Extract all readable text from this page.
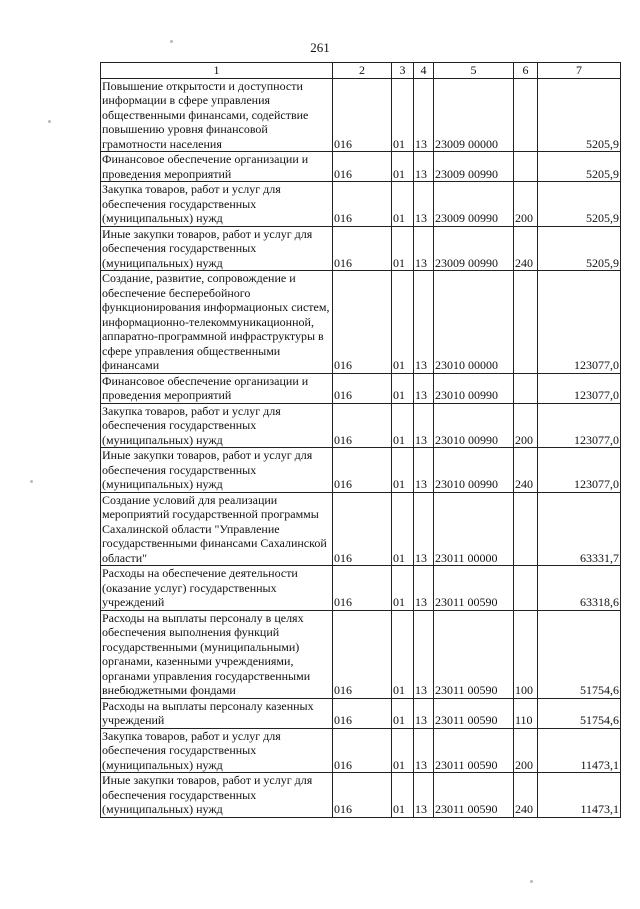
261
1	2	3	4	5	6	7
Повышение открытости и доступности информации в сфере управления общественными финансами, содействие повышению уровня финансовой грамотности населения	016	01	13	23009 00000		5205,9
Финансовое обеспечение организации и проведения мероприятий	016	01	13	23009 00990		5205,9
Закупка товаров, работ и услуг для обеспечения государственных (муниципальных) нужд	016	01	13	23009 00990	200	5205,9
Иные закупки товаров, работ и услуг для обеспечения государственных (муниципальных) нужд	016	01	13	23009 00990	240	5205,9
Создание, развитие, сопровождение и обеспечение бесперебойного функционирования информационых систем, информационно-телекоммуникационной, аппаратно-программной инфраструктуры в сфере управления общественными финансами	016	01	13	23010 00000		123077,0
Финансовое обеспечение организации и проведения мероприятий	016	01	13	23010 00990		123077,0
Закупка товаров, работ и услуг для обеспечения государственных (муниципальных) нужд	016	01	13	23010 00990	200	123077,0
Иные закупки товаров, работ и услуг для обеспечения государственных (муниципальных) нужд	016	01	13	23010 00990	240	123077,0
Создание условий для реализации мероприятий государственной программы Сахалинской области "Управление государственными финансами Сахалинской области"	016	01	13	23011 00000		63331,7
Расходы на обеспечение деятельности (оказание услуг) государственных учреждений	016	01	13	23011 00590		63318,6
Расходы на выплаты персоналу в целях обеспечения выполнения функций государственными (муниципальными) органами, казенными учреждениями, органами управления государственными внебюджетными фондами	016	01	13	23011 00590	100	51754,6
Расходы на выплаты персоналу казенных учреждений	016	01	13	23011 00590	110	51754,6
Закупка товаров, работ и услуг для обеспечения государственных (муниципальных) нужд	016	01	13	23011 00590	200	11473,1
Иные закупки товаров, работ и услуг для обеспечения государственных (муниципальных) нужд	016	01	13	23011 00590	240	11473,1
